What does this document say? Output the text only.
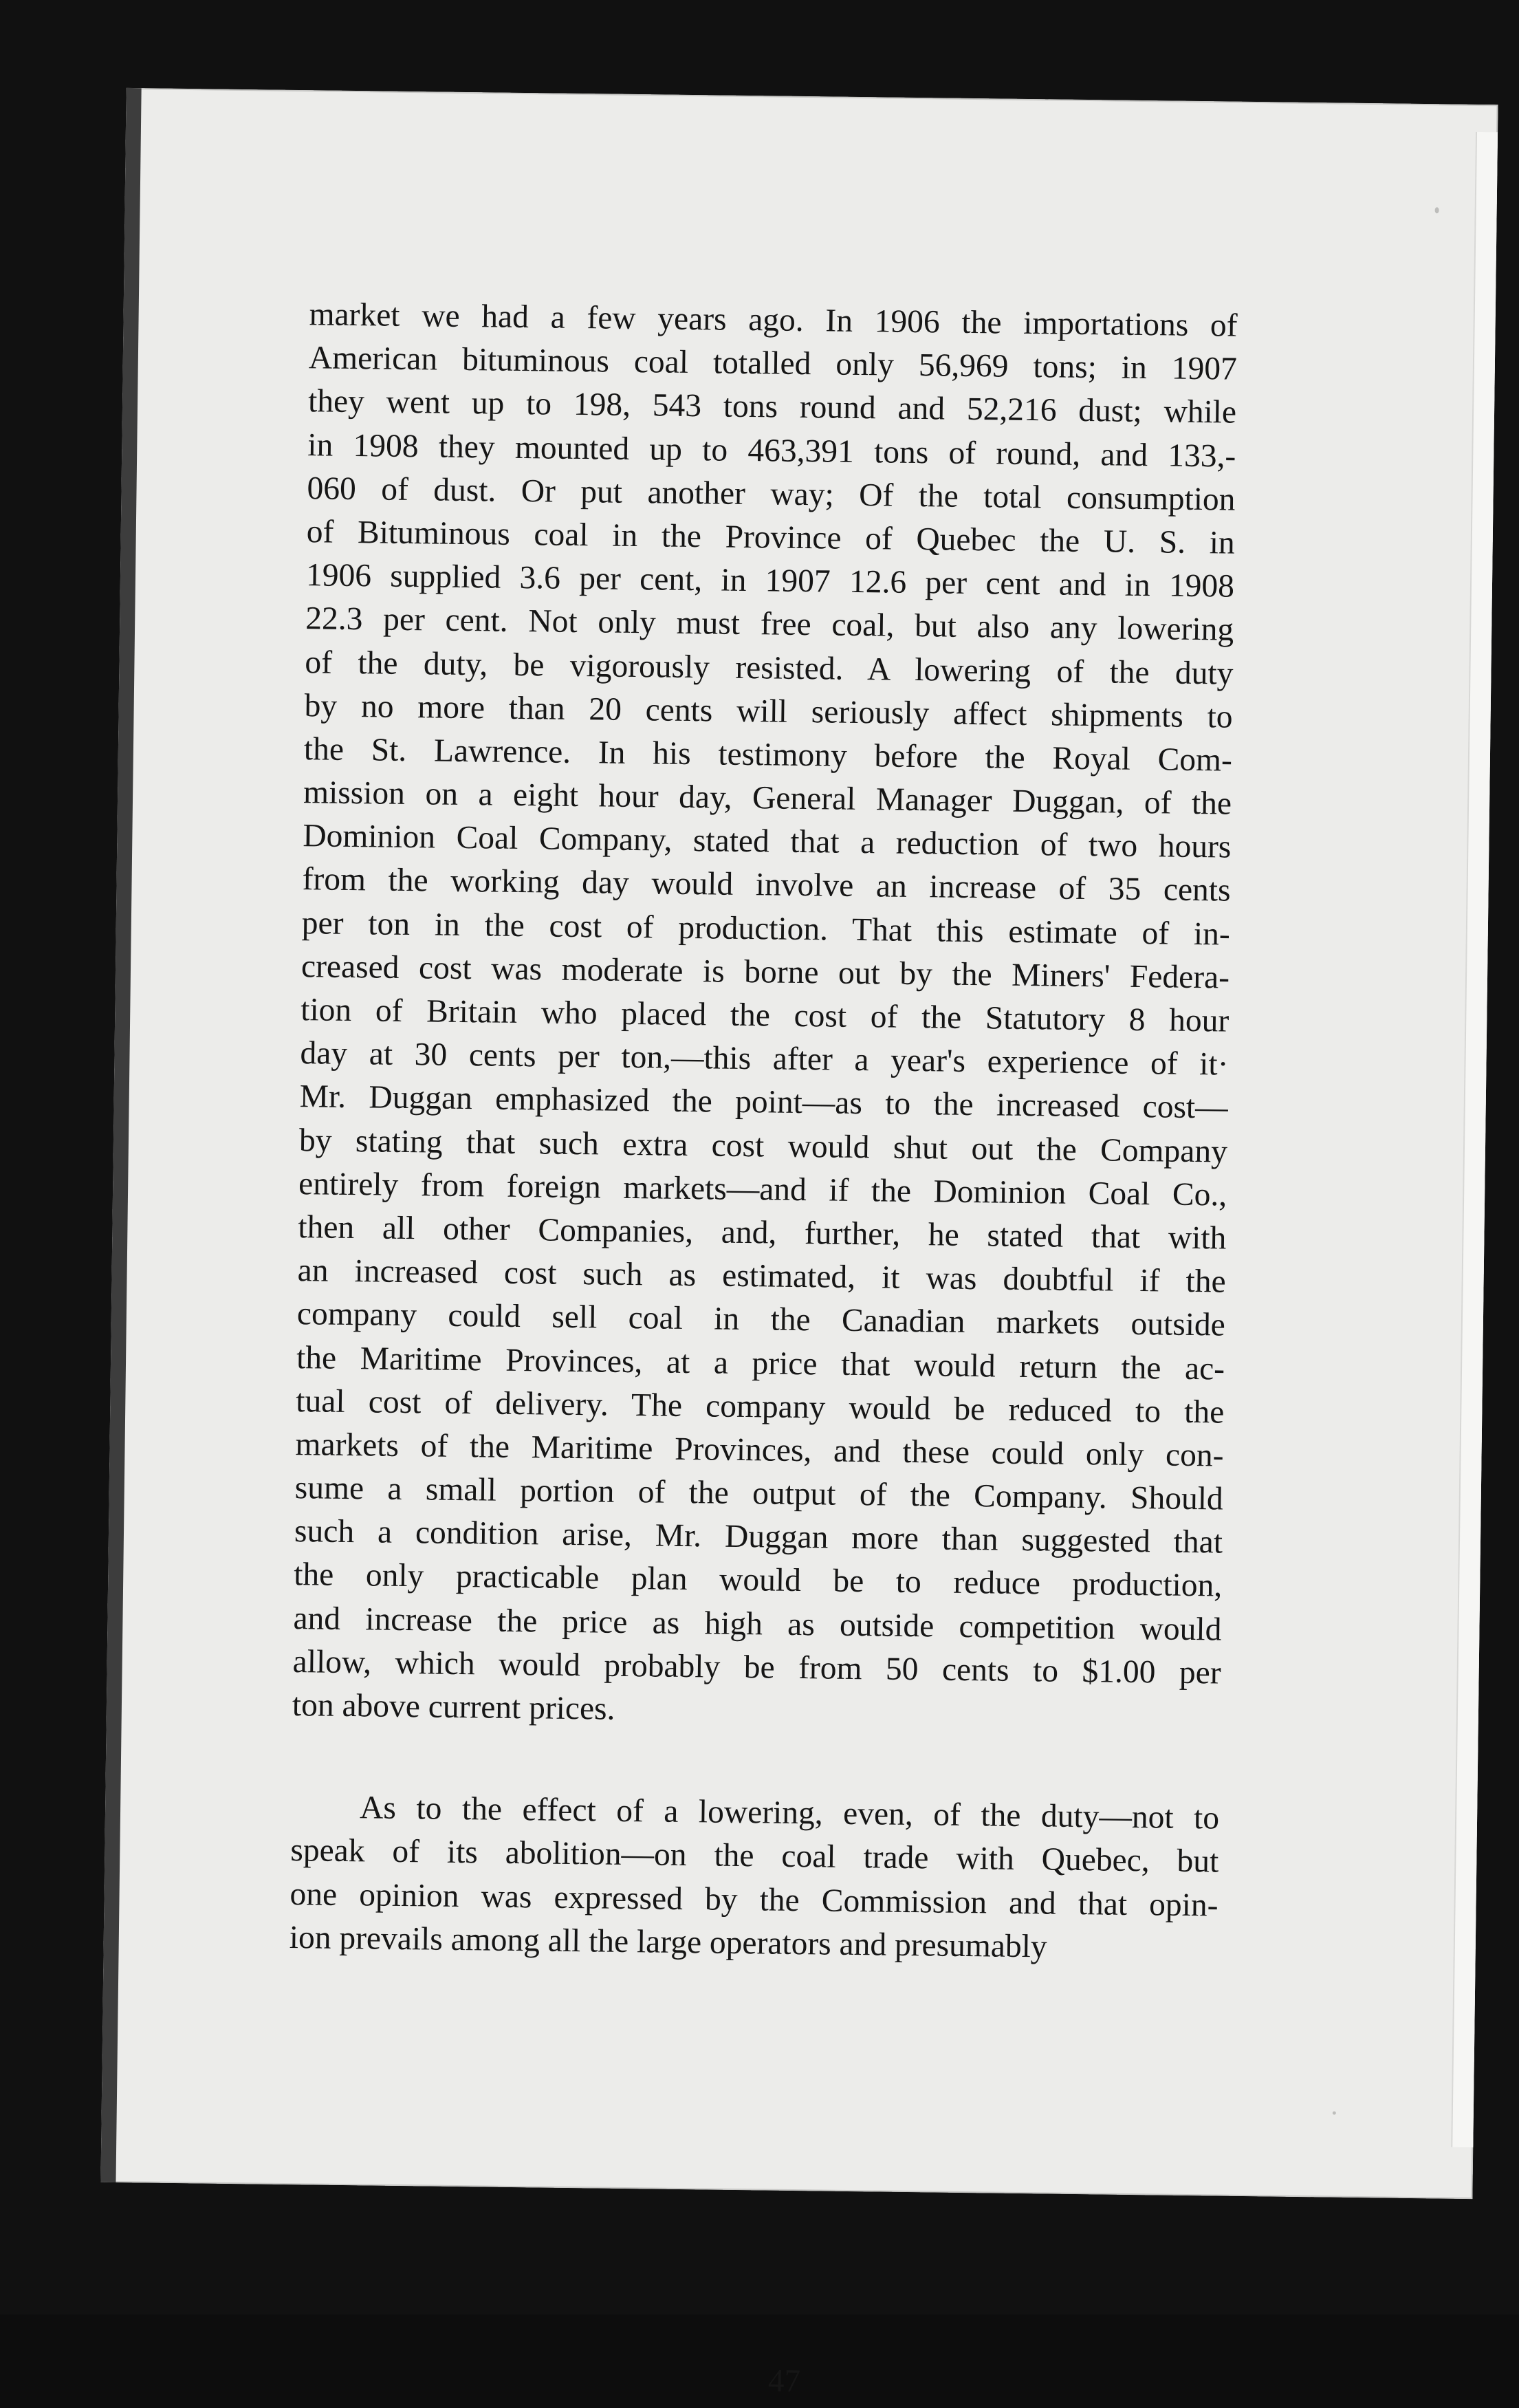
market we had a few years ago. In 1906 the importations of
American bituminous coal totalled only 56,969 tons; in 1907
they went up to 198, 543 tons round and 52,216 dust; while
in 1908 they mounted up to 463,391 tons of round, and 133,-
060 of dust. Or put another way; Of the total consumption
of Bituminous coal in the Province of Quebec the U. S. in
1906 supplied 3.6 per cent, in 1907 12.6 per cent and in 1908
22.3 per cent. Not only must free coal, but also any lowering
of the duty, be vigorously resisted. A lowering of the duty
by no more than 20 cents will seriously affect shipments to
the St. Lawrence. In his testimony before the Royal Com-
mission on a eight hour day, General Manager Duggan, of the
Dominion Coal Company, stated that a reduction of two hours
from the working day would involve an increase of 35 cents
per ton in the cost of production. That this estimate of in-
creased cost was moderate is borne out by the Miners' Federa-
tion of Britain who placed the cost of the Statutory 8 hour
day at 30 cents per ton,—this after a year's experience of it·
Mr. Duggan emphasized the point—as to the increased cost—
by stating that such extra cost would shut out the Company
entirely from foreign markets—and if the Dominion Coal Co.,
then all other Companies, and, further, he stated that with
an increased cost such as estimated, it was doubtful if the
company could sell coal in the Canadian markets outside
the Maritime Provinces, at a price that would return the ac-
tual cost of delivery. The company would be reduced to the
markets of the Maritime Provinces, and these could only con-
sume a small portion of the output of the Company. Should
such a condition arise, Mr. Duggan more than suggested that
the only practicable plan would be to reduce production,
and increase the price as high as outside competition would
allow, which would probably be from 50 cents to $1.00 per
ton above current prices.
As to the effect of a lowering, even, of the duty—not to
speak of its abolition—on the coal trade with Quebec, but
one opinion was expressed by the Commission and that opin-
ion prevails among all the large operators and presumably
47
